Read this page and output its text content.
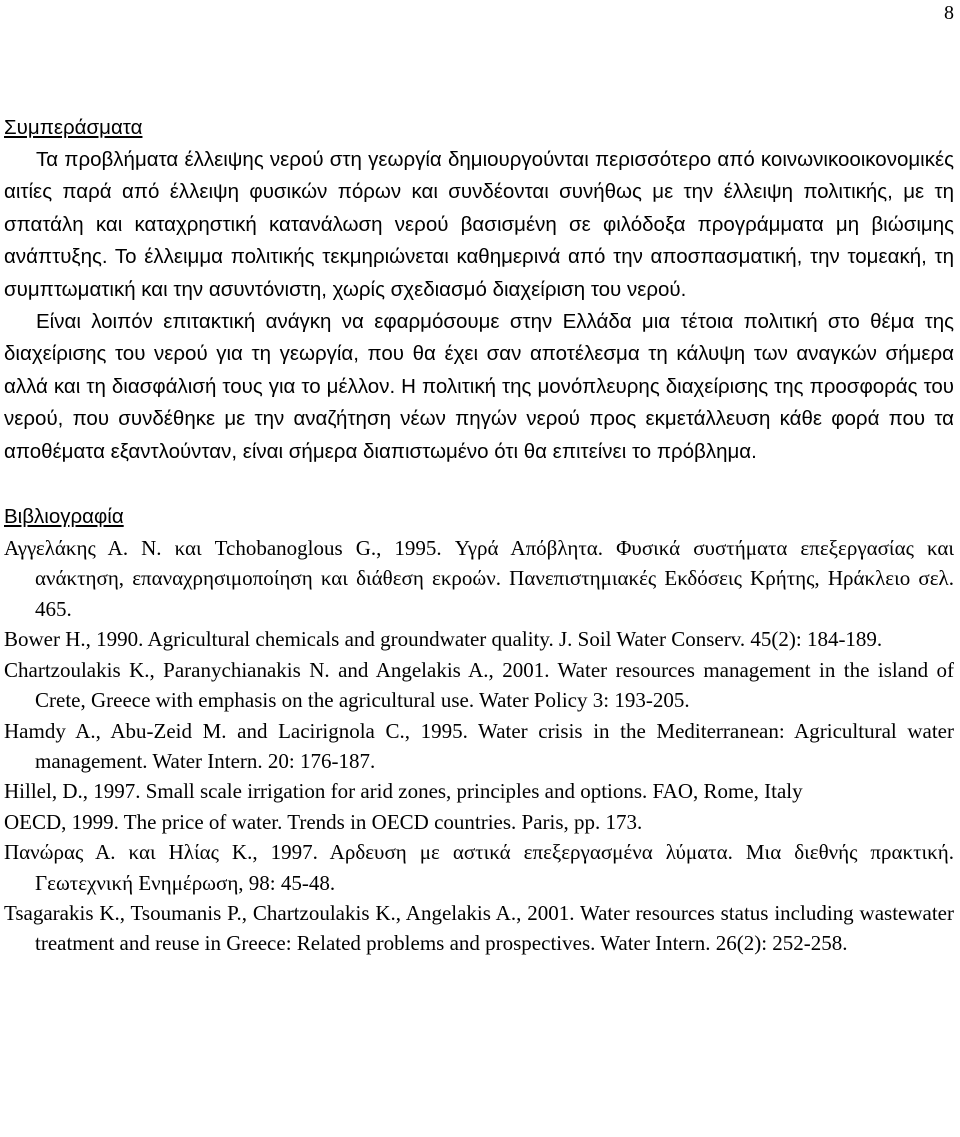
8

Συμπεράσματα

Τα προβλήματα έλλειψης νερού στη γεωργία δημιουργούνται περισσότερο από κοινωνικοοικονομικές αιτίες παρά από έλλειψη φυσικών πόρων και συνδέονται συνήθως με την έλλειψη πολιτικής, με τη σπατάλη και καταχρηστική κατανάλωση νερού βασισμένη σε φιλόδοξα προγράμματα μη βιώσιμης ανάπτυξης. Το έλλειμμα πολιτικής τεκμηριώνεται καθημερινά από την αποσπασματική, την τομεακή, τη συμπτωματική και την ασυντόνιστη, χωρίς σχεδιασμό διαχείριση του νερού.

Είναι λοιπόν επιτακτική ανάγκη να εφαρμόσουμε στην Ελλάδα μια τέτοια πολιτική στο θέμα της διαχείρισης του νερού για τη γεωργία, που θα έχει σαν αποτέλεσμα τη κάλυψη των αναγκών σήμερα αλλά και τη διασφάλισή τους για το μέλλον. Η πολιτική της μονόπλευρης διαχείρισης της προσφοράς του νερού, που συνδέθηκε με την αναζήτηση νέων πηγών νερού προς εκμετάλλευση κάθε φορά που τα αποθέματα εξαντλούνταν, είναι σήμερα διαπιστωμένο ότι θα επιτείνει το πρόβλημα.

Βιβλιογραφία

Αγγελάκης Α. Ν. και Tchobanoglous G., 1995. Υγρά Απόβλητα. Φυσικά συστήματα επεξεργασίας και ανάκτηση, επαναχρησιμοποίηση και διάθεση εκροών. Πανεπιστημιακές Εκδόσεις Κρήτης, Ηράκλειο σελ. 465.
Bower H., 1990. Agricultural chemicals and groundwater quality. J. Soil Water Conserv. 45(2): 184-189.
Chartzoulakis K., Paranychianakis N. and Angelakis A., 2001. Water resources management in the island of Crete, Greece with emphasis on the agricultural use. Water Policy 3: 193-205.
Hamdy A., Abu-Zeid M. and Lacirignola C., 1995. Water crisis in the Mediterranean: Agricultural water management. Water Intern. 20: 176-187.
Hillel, D., 1997. Small scale irrigation for arid zones, principles and options. FAO, Rome, Italy
OECD, 1999. The price of water. Trends in OECD countries. Paris, pp. 173.
Πανώρας Α. και Ηλίας Κ., 1997. Αρδευση με αστικά επεξεργασμένα λύματα. Μια διεθνής πρακτική. Γεωτεχνική Ενημέρωση, 98: 45-48.
Tsagarakis K., Tsoumanis P., Chartzoulakis K., Angelakis A., 2001. Water resources status including wastewater treatment and reuse in Greece: Related problems and prospectives. Water Intern. 26(2): 252-258.
